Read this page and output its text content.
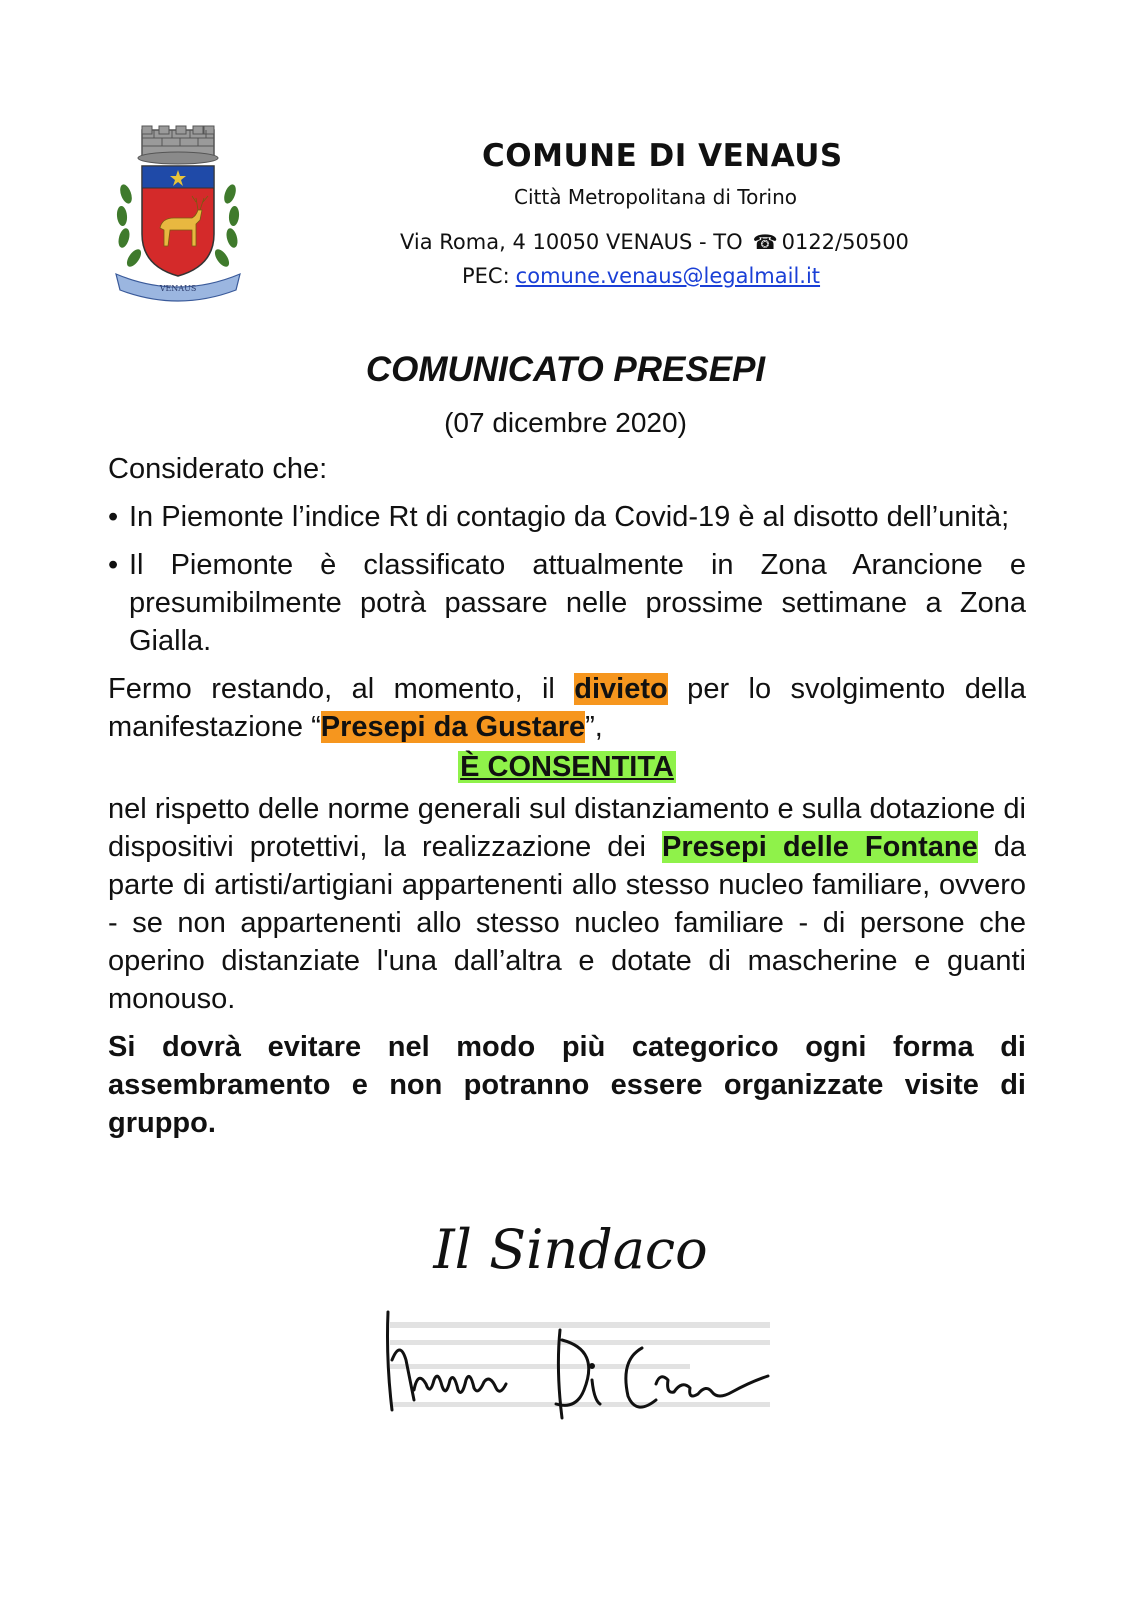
VENAUS
COMUNE DI VENAUS
Città Metropolitana di Torino
Via Roma, 4 10050 VENAUS - TO ☎ 0122/50500
PEC: comune.venaus@legalmail.it
COMUNICATO PRESEPI
(07 dicembre 2020)

Considerato che:

• In Piemonte l’indice Rt di contagio da Covid-19 è al disotto dell’unità;
• Il Piemonte è classificato attualmente in Zona Arancione e presumibilmente potrà passare nelle prossime settimane a Zona Gialla.

Fermo restando, al momento, il divieto per lo svolgimento della manifestazione “Presepi da Gustare”,

È CONSENTITA

nel rispetto delle norme generali sul distanziamento e sulla dotazione di dispositivi protettivi, la realizzazione dei Presepi delle Fontane da parte di artisti/artigiani appartenenti allo stesso nucleo familiare, ovvero - se non appartenenti allo stesso nucleo familiare - di persone che operino distanziate l'una dall’altra e dotate di mascherine e guanti monouso.

Si dovrà evitare nel modo più categorico ogni forma di assembramento e non potranno essere organizzate visite di gruppo.

Il Sindaco
